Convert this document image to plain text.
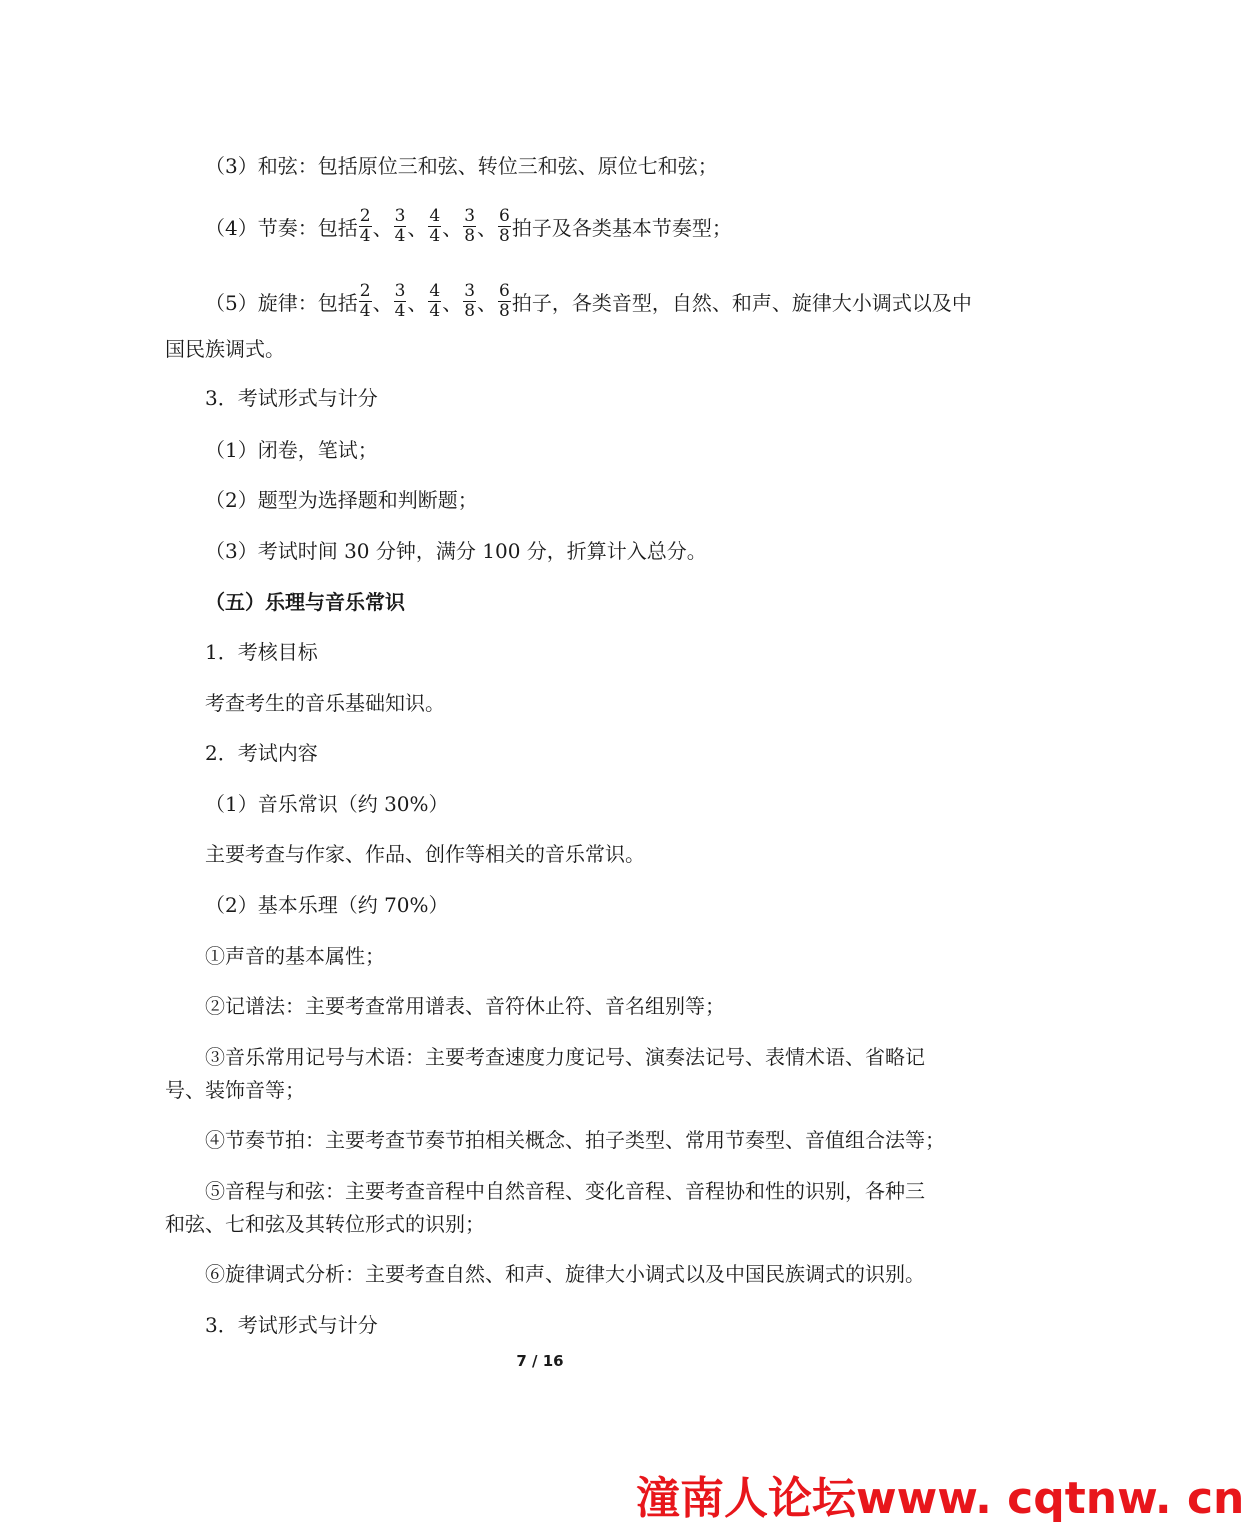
（3）和弦：包括原位三和弦、转位三和弦、原位七和弦；
（4）节奏：包括 $\frac{2}{4}$ 、 $\frac{3}{4}$ 、 $\frac{4}{4}$ 、 $\frac{3}{8}$ 、 $\frac{6}{8}$ 拍子及各类基本节奏型；
（5）旋律：包括 $\frac{2}{4}$ 、 $\frac{3}{4}$ 、 $\frac{4}{4}$ 、 $\frac{3}{8}$ 、 $\frac{6}{8}$ 拍子，各类音型，自然、和声、旋律大小调式以及中
国民族调式。
3．考试形式与计分
（1）闭卷，笔试；
（2）题型为选择题和判断题；
（3）考试时间 30 分钟，满分 100 分，折算计入总分。
（五）乐理与音乐常识
1．考核目标
考查考生的音乐基础知识。
2．考试内容
（1）音乐常识（约 30%）
主要考查与作家、作品、创作等相关的音乐常识。
（2）基本乐理（约 70%）
①声音的基本属性；
②记谱法：主要考查常用谱表、音符休止符、音名组别等；
③音乐常用记号与术语：主要考查速度力度记号、演奏法记号、表情术语、省略记
号、装饰音等；
④节奏节拍：主要考查节奏节拍相关概念、拍子类型、常用节奏型、音值组合法等；
⑤音程与和弦：主要考查音程中自然音程、变化音程、音程协和性的识别，各种三
和弦、七和弦及其转位形式的识别；
⑥旋律调式分析：主要考查自然、和声、旋律大小调式以及中国民族调式的识别。
3．考试形式与计分
7 / 16
潼南人论坛www. cqtnw. cn
